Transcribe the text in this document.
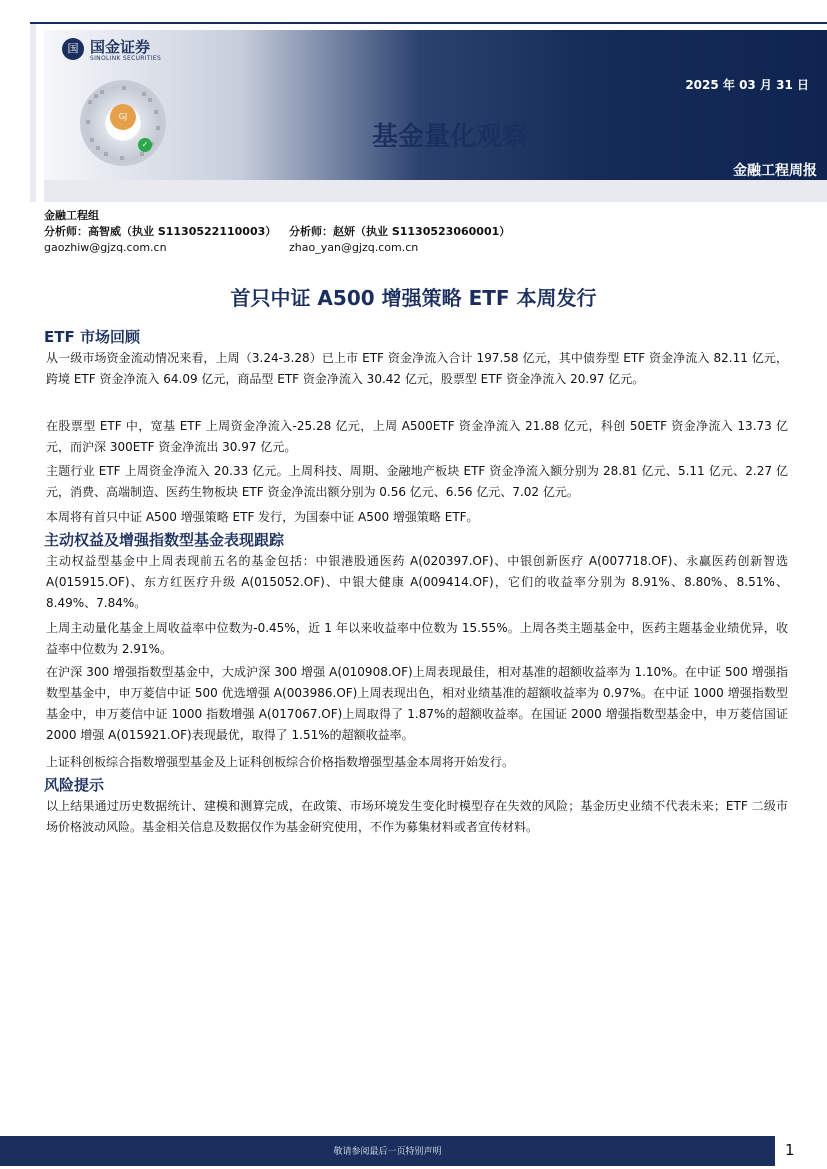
2025 年 03 月 31 日
基金量化观察
金融工程周报
国 国金证券
SINOLINK SECURITIES
GJ
✓
金融工程组
分析师：高智威（执业 S1130522110003） 分析师：赵妍（执业 S1130523060001）
gaozhiw@gjzq.com.cn	zhao_yan@gjzq.com.cn
首只中证 A500 增强策略 ETF 本周发行
ETF 市场回顾

从一级市场资金流动情况来看，上周（3.24-3.28）已上市 ETF 资金净流入合计 197.58 亿元，其中债券型 ETF 资金净流入 82.11 亿元，跨境 ETF 资金净流入 64.09 亿元，商品型 ETF 资金净流入 30.42 亿元，股票型 ETF 资金净流入 20.97 亿元。

在股票型 ETF 中，宽基 ETF 上周资金净流入-25.28 亿元，上周 A500ETF 资金净流入 21.88 亿元，科创 50ETF 资金净流入 13.73 亿元，而沪深 300ETF 资金净流出 30.97 亿元。

主题行业 ETF 上周资金净流入 20.33 亿元。上周科技、周期、金融地产板块 ETF 资金净流入额分别为 28.81 亿元、5.11 亿元、2.27 亿元，消费、高端制造、医药生物板块 ETF 资金净流出额分别为 0.56 亿元、6.56 亿元、7.02 亿元。

本周将有首只中证 A500 增强策略 ETF 发行，为国泰中证 A500 增强策略 ETF。

主动权益及增强指数型基金表现跟踪

主动权益型基金中上周表现前五名的基金包括：中银港股通医药 A(020397.OF)、中银创新医疗 A(007718.OF)、永赢医药创新智选 A(015915.OF)、东方红医疗升级 A(015052.OF)、中银大健康 A(009414.OF)，它们的收益率分别为 8.91%、8.80%、8.51%、8.49%、7.84%。

上周主动量化基金上周收益率中位数为-0.45%，近 1 年以来收益率中位数为 15.55%。上周各类主题基金中，医药主题基金业绩优异，收益率中位数为 2.91%。

在沪深 300 增强指数型基金中，大成沪深 300 增强 A(010908.OF)上周表现最佳，相对基准的超额收益率为 1.10%。在中证 500 增强指数型基金中，申万菱信中证 500 优选增强 A(003986.OF)上周表现出色，相对业绩基准的超额收益率为 0.97%。在中证 1000 增强指数型基金中，申万菱信中证 1000 指数增强 A(017067.OF)上周取得了 1.87%的超额收益率。在国证 2000 增强指数型基金中，申万菱信国证 2000 增强 A(015921.OF)表现最优，取得了 1.51%的超额收益率。

上证科创板综合指数增强型基金及上证科创板综合价格指数增强型基金本周将开始发行。

风险提示

以上结果通过历史数据统计、建模和测算完成，在政策、市场环境发生变化时模型存在失效的风险；基金历史业绩不代表未来；ETF 二级市场价格波动风险。基金相关信息及数据仅作为基金研究使用，不作为募集材料或者宣传材料。

敬请参阅最后一页特别声明	1
